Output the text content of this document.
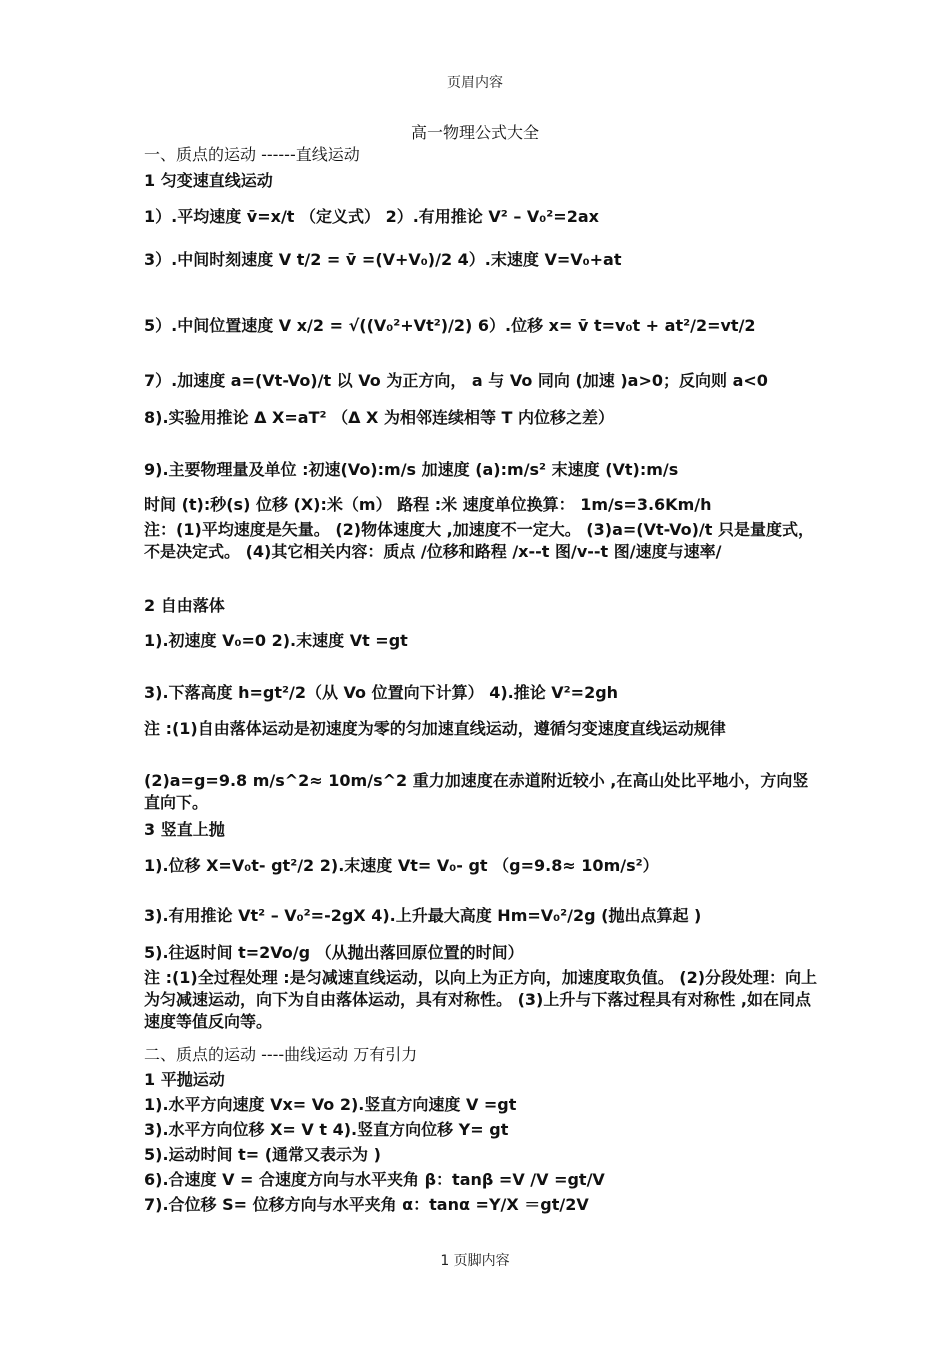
页眉内容
高一物理公式大全
一、质点的运动 ------直线运动
1 匀变速直线运动
1）.平均速度 v̄=x/t （定义式） 2）.有用推论 V² – V₀²=2ax
3）.中间时刻速度 V t/2 = v̄ =(V+V₀)/2 4）.末速度 V=V₀+at
5）.中间位置速度 V x/2 = √((V₀²+Vt²)/2) 6）.位移 x= v̄ t=v₀t + at²/2=vt/2
7）.加速度 a=(Vt-Vo)/t 以 Vo 为正方向， a 与 Vo 同向 (加速 )a>0；反向则 a<0
8).实验用推论 Δ X=aT² （Δ X 为相邻连续相等 T 内位移之差）
9).主要物理量及单位 :初速(Vo):m/s 加速度 (a):m/s² 末速度 (Vt):m/s
时间 (t):秒(s) 位移 (X):米（m） 路程 :米 速度单位换算： 1m/s=3.6Km/h
注：(1)平均速度是矢量。 (2)物体速度大 ,加速度不一定大。 (3)a=(Vt-Vo)/t 只是量度式，不是决定式。 (4)其它相关内容：质点 /位移和路程 /x--t 图/v--t 图/速度与速率/
2 自由落体
1).初速度 V₀=0 2).末速度 Vt =gt
3).下落高度 h=gt²/2（从 Vo 位置向下计算） 4).推论 V²=2gh
注 :(1)自由落体运动是初速度为零的匀加速直线运动，遵循匀变速度直线运动规律
(2)a=g=9.8 m/s^2≈ 10m/s^2 重力加速度在赤道附近较小 ,在高山处比平地小，方向竖直向下。
3 竖直上抛
1).位移 X=V₀t- gt²/2 2).末速度 Vt= V₀- gt （g=9.8≈ 10m/s²）
3).有用推论 Vt² – V₀²=-2gX 4).上升最大高度 Hm=V₀²/2g (抛出点算起 )
5).往返时间 t=2Vo/g （从抛出落回原位置的时间）
注 :(1)全过程处理 :是匀减速直线运动，以向上为正方向，加速度取负值。 (2)分段处理：向上为匀减速运动，向下为自由落体运动，具有对称性。 (3)上升与下落过程具有对称性 ,如在同点速度等值反向等。
二、质点的运动 ----曲线运动 万有引力
1 平抛运动
1).水平方向速度 Vx= Vo 2).竖直方向速度 V =gt
3).水平方向位移 X= V t 4).竖直方向位移 Y= gt
5).运动时间 t= (通常又表示为 )
6).合速度 V = 合速度方向与水平夹角 β：tanβ =V /V =gt/V
7).合位移 S= 位移方向与水平夹角 α：tanα =Y/X ＝gt/2V
1 页脚内容
